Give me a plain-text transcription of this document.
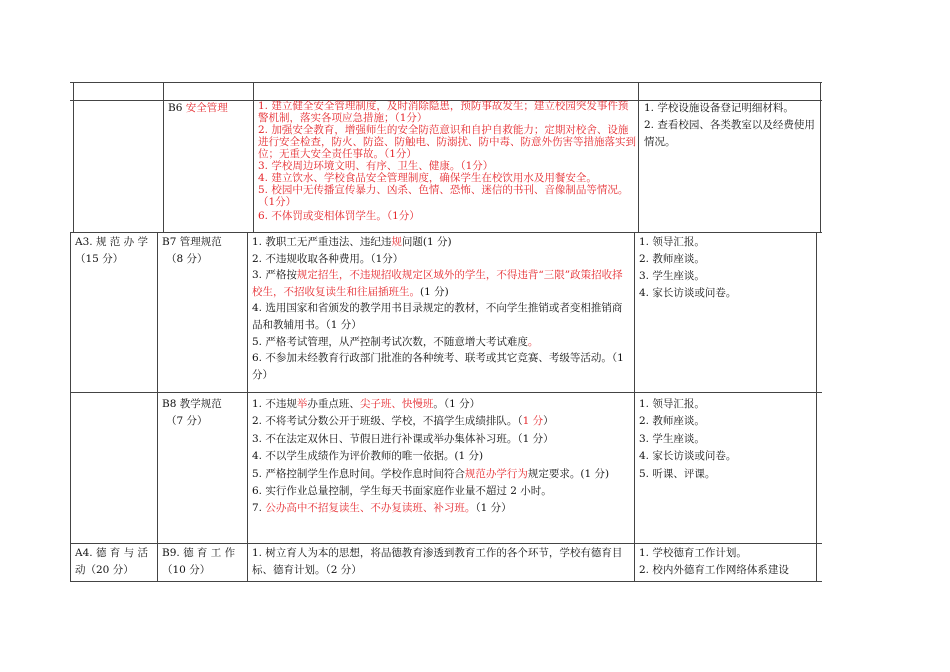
B6 安全管理	1. 建立健全安全管理制度，及时消除隐患，预防事故发生；建立校园突发事件预警机制，落实各项应急措施；（1分）

2. 加强安全教育，增强师生的安全防范意识和自护自救能力；定期对校舍、设施进行安全检查，防火、防盗、防触电、防溺扰、防中毒、防意外伤害等措施落实到位；无重大安全责任事故。（1分）

3. 学校周边环境文明、有序、卫生、健康。（1分）

4. 建立饮水、学校食品安全管理制度，确保学生在校饮用水及用餐安全。

5. 校园中无传播宣传暴力、凶杀、色情、恐怖、迷信的书刊、音像制品等情况。（1分）

6. 不体罚或变相体罚学生。（1分）

1. 学校设施设备登记明细材料。

2. 查看校园、各类教室以及经费使用情况。

A3. 规 范 办 学

（15 分）

B7 管理规范

（8 分）

1. 教职工无严重违法、违纪违规问题(1 分)

2. 不违规收取各种费用。（1分）

3. 严格按规定招生，不违规招收规定区域外的学生，不得违背“三限”政策招收择校生，不招收复读生和往届插班生。(1 分)

4. 选用国家和省颁发的教学用书目录规定的教材，不向学生推销或者变相推销商品和教辅用书。（1 分）

5. 严格考试管理，从严控制考试次数，不随意增大考试难度。

6. 不参加未经教育行政部门批准的各种统考、联考或其它竞赛、考级等活动。（1 分）

1. 领导汇报。

2. 教师座谈。

3. 学生座谈。

4. 家长访谈或问卷。

B8 教学规范

（7 分）

1. 不违规举办重点班、尖子班、快慢班。（1 分）

2. 不将考试分数公开于班级、学校，不搞学生成绩排队。（1 分）

3. 不在法定双休日、节假日进行补课或举办集体补习班。（1 分）

4. 不以学生成绩作为评价教师的唯一依据。(1 分)

5. 严格控制学生作息时间。学校作息时间符合规范办学行为规定要求。(1 分)

6. 实行作业总量控制，学生每天书面家庭作业量不超过 2 小时。

7. 公办高中不招复读生、不办复读班、补习班。（1 分）

1. 领导汇报。

2. 教师座谈。

3. 学生座谈。

4. 家长访谈或问卷。

5. 听课、评课。

A4. 德 育 与 活

动（20 分）

B9. 德 育 工 作

（10 分）

1. 树立育人为本的思想，将品德教育渗透到教育工作的各个环节，学校有德育目标、德育计划。（2 分）

1. 学校德育工作计划。

2. 校内外德育工作网络体系建设
